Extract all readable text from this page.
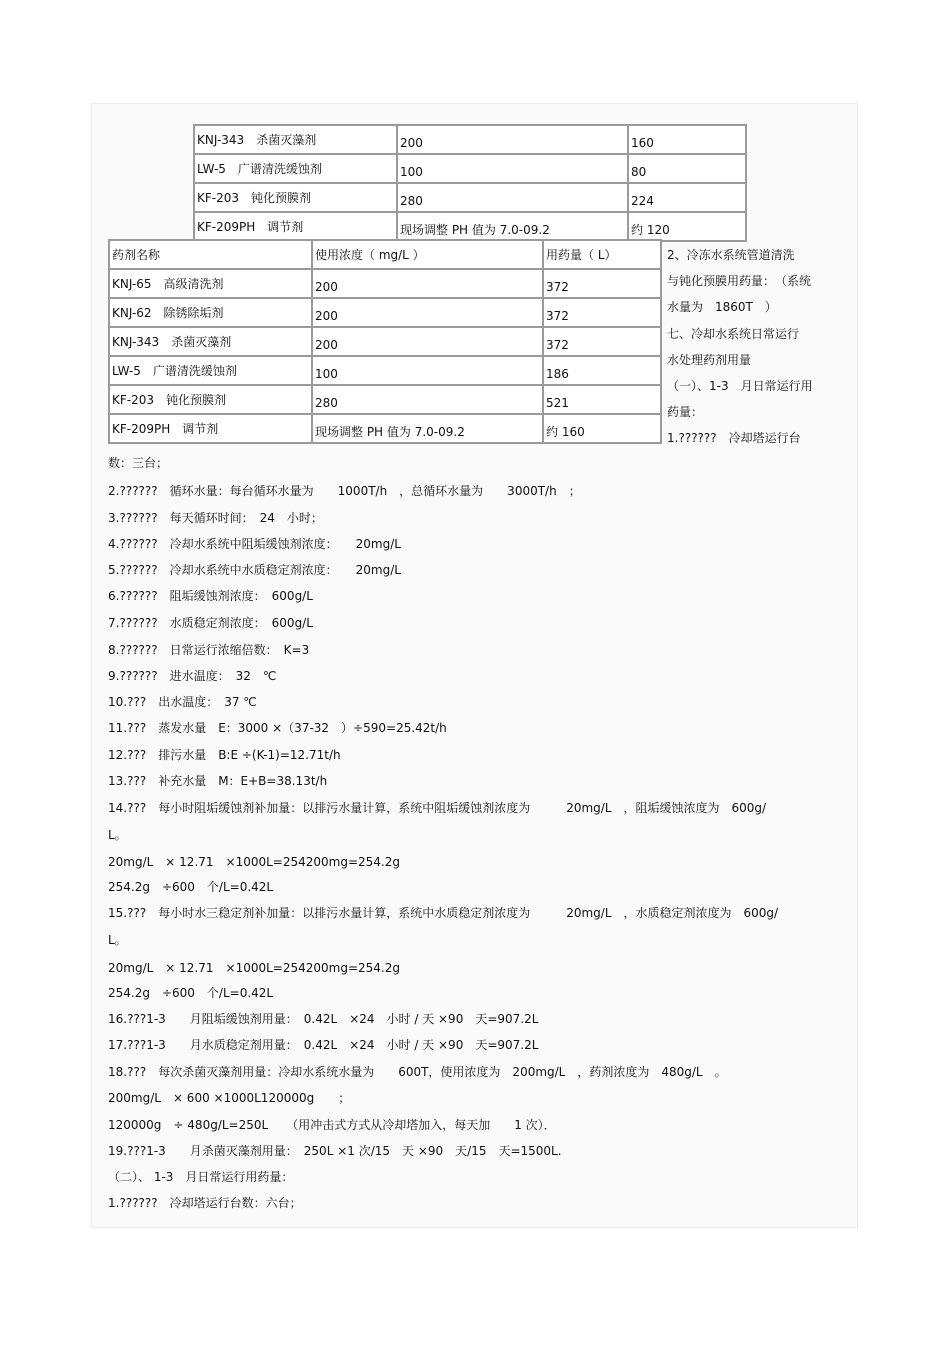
KNJ-343　杀菌灭藻剂	200	160
LW-5　广谱清洗缓蚀剂	100	80
KF-203　钝化预膜剂	280	224
KF-209PH　调节剂	现场调整 PH 值为 7.0-09.2	约 120
药剂名称	使用浓度（ mg/L ）	用药量（ L）
KNJ-65　高级清洗剂	200	372
KNJ-62　除锈除垢剂	200	372
KNJ-343　杀菌灭藻剂	200	372
LW-5　广谱清洗缓蚀剂	100	186
KF-203　钝化预膜剂	280	521
KF-209PH　调节剂	现场调整 PH 值为 7.0-09.2	约 160
2、冷冻水系统管道清洗
与钝化预膜用药量：　（系统
水量为　1860T　）
七、冷却水系统日常运行
水处理药剂用量
（一）、1-3　月日常运行用
药量：
1.??????　冷却塔运行台
数：三台；
2.??????　循环水量：每台循环水量为　　1000T/h　，总循环水量为　　3000T/h　；
3.??????　每天循环时间：　24　小时；
4.??????　冷却水系统中阻垢缓蚀剂浓度：　　20mg/L
5.??????　冷却水系统中水质稳定剂浓度：　　20mg/L
6.??????　阻垢缓蚀剂浓度：　600g/L
7.??????　水质稳定剂浓度：　600g/L
8.??????　日常运行浓缩倍数：　K=3
9.??????　进水温度：　32　℃
10.???　出水温度：　37 ℃
11.???　蒸发水量　E：3000 ×（37-32　）÷590=25.42t/h
12.???　排污水量　B:E ÷(K-1)=12.71t/h
13.???　补充水量　M：E+B=38.13t/h
14.???　每小时阻垢缓蚀剂补加量：以排污水量计算，系统中阻垢缓蚀剂浓度为　　　20mg/L　，阻垢缓蚀浓度为　600g/
L。
20mg/L　× 12.71　×1000L=254200mg=254.2g
254.2g　÷600　个/L=0.42L
15.???　每小时水三稳定剂补加量：以排污水量计算，系统中水质稳定剂浓度为　　　20mg/L　，水质稳定剂浓度为　600g/
L。
20mg/L　× 12.71　×1000L=254200mg=254.2g
254.2g　÷600　个/L=0.42L
16.???1-3　　月阻垢缓蚀剂用量：　0.42L　×24　小时 / 天 ×90　天=907.2L
17.???1-3　　月水质稳定剂用量：　0.42L　×24　小时 / 天 ×90　天=907.2L
18.???　每次杀菌灭藻剂用量：冷却水系统水量为　　600T，使用浓度为　200mg/L　，药剂浓度为　480g/L　。
200mg/L　× 600 ×1000L120000g　　；
120000g　÷ 480g/L=250L　　（用冲击式方式从冷却塔加入，每天加　　1 次）．
19.???1-3　　月杀菌灭藻剂用量：　250L ×1 次/15　天 ×90　天/15　天=1500L.
（二）、 1-3　月日常运行用药量：
1.??????　冷却塔运行台数：六台；
